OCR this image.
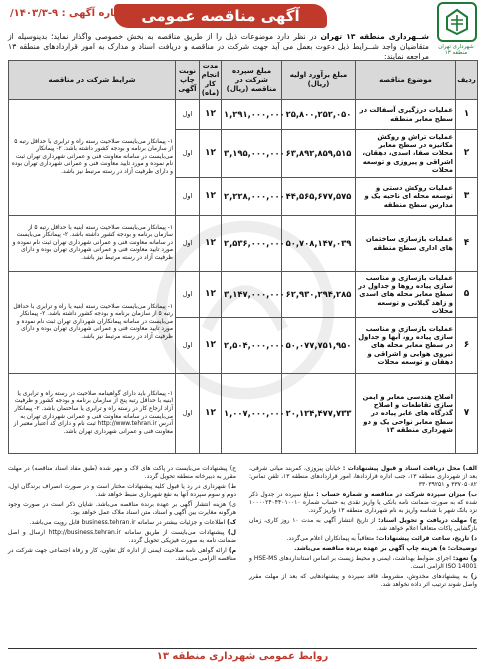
شهرداری تهران منطقه ۱۳
آگهی مناقصه عمومی
شماره آگهی : ۹-۱۴۰۳/۳/
شــهرداری منطقه ۱۳ تهران در نظر دارد موضوعات ذیل را از طریق مناقصه به بخش خصوصی واگذار نماید؛ بدینوسیله از متقاضیان واجد شــرایط ذیل دعوت بعمل می آید جهت شرکت در مناقصه و دریافت اسناد و مدارک به امور قراردادهای منطقه ۱۳ مراجعه نمایند:
ردیف	موضوع مناقصه	مبلغ برآورد اولیه (ریال)	مبلغ سپرده شرکت در مناقصه (ریال)	مدت انجام کار (ماه)	نوبت چاپ آگهی	شرایط شرکت در مناقصه
۱	عملیات درزگیری آسفالت در سطح معابر منطقه	۲۵,۸۰۰,۲۵۲,۰۵۰	۱,۲۹۱,۰۰۰,۰۰۰	۱۲	اول	۱- پیمانکار می‌بایست صلاحیت رسته راه و ترابری با حداقل رتبه ۵ از سازمان برنامه و بودجه کشور داشته باشد. ۲- پیمانکار می‌بایست در سامانه معاونت فنی و عمرانی شهرداری تهران ثبت نام نموده و مورد تایید معاونت فنی و عمرانی شهرداری تهران بوده و دارای ظرفیت آزاد در رسته مرتبط نیز باشد.
۲	عملیات تراش و روکش مکانیزه در سطح معابر محلات صفا، اسدی، دهقان، اشراقی و پیروزی و توسعه محلات	۶۳,۸۹۲,۸۵۹,۵۱۵	۳,۱۹۵,۰۰۰,۰۰۰	۱۲	اول	
۳	عملیات روکش دستی و توسعه محله ای ناحیه یک و مدارس سطح منطقه	۴۴,۵۶۵,۶۷۷,۵۷۵	۲,۲۲۸,۰۰۰,۰۰۰	۱۲	اول	
۴	عملیات بازسازی ساختمان های اداری سطح منطقه	۵۰,۷۰۸,۱۴۷,۰۳۹	۲,۵۳۶,۰۰۰,۰۰۰	۱۲	اول	۱- پیمانکار می‌بایست صلاحیت رسته ابنیه با حداقل رتبه ۵ از سازمان برنامه و بودجه کشور داشته باشد. ۲- پیمانکار می‌بایست در سامانه معاونت فنی و عمرانی شهرداری تهران ثبت نام نموده و مورد تایید معاونت فنی و عمرانی شهرداری تهران بوده و دارای ظرفیت آزاد در رسته مرتبط نیز باشد.
۵	عملیات بازسازی و مناسب سازی پیاده روها و جداول در سطح معابر محله های اسدی و زاهد گیلانی و توسعه محلات	۶۲,۹۳۰,۲۹۴,۲۸۵	۳,۱۴۷,۰۰۰,۰۰۰	۱۲	اول	۱- پیمانکار می‌بایست صلاحیت رسته ابنیه یا راه و ترابری با حداقل رتبه ۵ از سازمان برنامه و بودجه کشور داشته باشد. ۲- پیمانکار می‌بایست در سامانه پیمانکاران شهرداری تهران ثبت نام نموده و مورد تایید معاونت فنی و عمرانی شهرداری تهران بوده و دارای ظرفیت آزاد در رسته مرتبط نیز باشد.
۶	عملیات بازسازی و مناسب سازی پیاده رو، آبها و جداول در سطح معابر محله های نیروی هوایی و اشراقی و دهقان و توسعه محلات	۵۰,۰۷۷,۷۵۱,۹۵۰	۲,۵۰۴,۰۰۰,۰۰۰	۱۲	اول	
۷	اصلاح هندسی معابر و ایمن سازی تقاطعات و اصلاح گذرگاه های عابر پیاده در سطح معابر نواحی یک و دو شهرداری منطقه ۱۳	۲۰,۱۲۴,۴۷۷,۷۳۳	۱,۰۰۷,۰۰۰,۰۰۰	۱۲	اول	۱- پیمانکار باید دارای گواهینامه صلاحیت در رسته راه و ترابری یا ابنیه با حداقل رتبه پنج از سازمان برنامه و بودجه کشور و ظرفیت آزاد ارجاع کار در رسته راه و ترابری یا ساختمان باشد. ۲- پیمانکار می‌بایست در سامانه معاونت فنی و عمرانی شهرداری تهران به آدرس http://www.tehran.ir ثبت نام و دارای کد اعتبار معتبر از معاونت فنی و عمرانی شهرداری تهران باشد.

الف) محل دریافت اسناد و قبول پیشنهادات : خیابان پیروزی، کمربند میانی شرقی، بعد از شهرداری منطقه ۱۳، جنب اداره قراردادها، امور قراردادهای منطقه ۱۳، تلفن تماس: ۳۳۷۰۵۰۸۲ و ۳۳۰۳۹۲۵۱

ب) میزان سپرده شرکت در مناقصه و شماره حساب : مبلغ سپرده در جدول ذکر شده که به صورت ضمانت نامه بانکی یا واریز نقدی به حساب شماره ۱۰۰۰۰۲۴۰۴۴۰۱۰۰۱۰ نزد بانک شهر با شناسه واریز به نام شهرداری منطقه ۱۳ واریز گردد.

ج) مهلت دریافت و تحویل اسناد: از تاریخ انتشار آگهی به مدت ۱۰ روز کاری، زمان بازگشایی پاکات متعاقباً اعلام خواهد شد.

د) تاریخ، ساعت قرائت پیشنهادات: متعاقباً به پیمانکاران اعلام می‌گردد.

توضیحات: ه) هزینه چاپ آگهی بر عهده برنده مناقصه می‌باشد.

و) تعهد: اجرای ضوابط بهداشت، ایمنی و محیط زیست بر اساس استانداردهای HSE-MS و ISO 14001 الزامی است.

ز) به پیشنهادهای مخدوش، مشروط، فاقد سپرده و پیشنهادهایی که بعد از مهلت مقرر واصل شوند ترتیب اثر داده نخواهد شد.

ح) پیشنهادات می‌بایست در پاکت های لاک و مهر شده (طبق مفاد اسناد مناقصه) در مهلت مقرر به دبیرخانه منطقه تحویل گردد.

ط) شهرداری در رد یا قبول کلیه پیشنهادات مختار است و در صورت انصراف برندگان اول، دوم و سوم سپرده آنها به نفع شهرداری ضبط خواهد شد.

ی) هزینه انتشار آگهی بر عهده برنده مناقصه می‌باشد. شایان ذکر است در صورت وجود هرگونه مغایرت بین آگهی و اسناد، متن اسناد ملاک عمل خواهد بود.

ک) اطلاعات و جزئیات بیشتر در سامانه business.tehran.ir قابل رویت می‌باشد.

ل) پیشنهادات می‌بایست از طریق سامانه http://business.tehran.ir ارسال و اصل ضمانت نامه به صورت فیزیکی تحویل گردد.

م) ارائه گواهی نامه صلاحیت ایمنی از اداره کل تعاون، کار و رفاه اجتماعی جهت شرکت در مناقصه الزامی می‌باشد.

روابط عمومی شهرداری منطقه ۱۳
